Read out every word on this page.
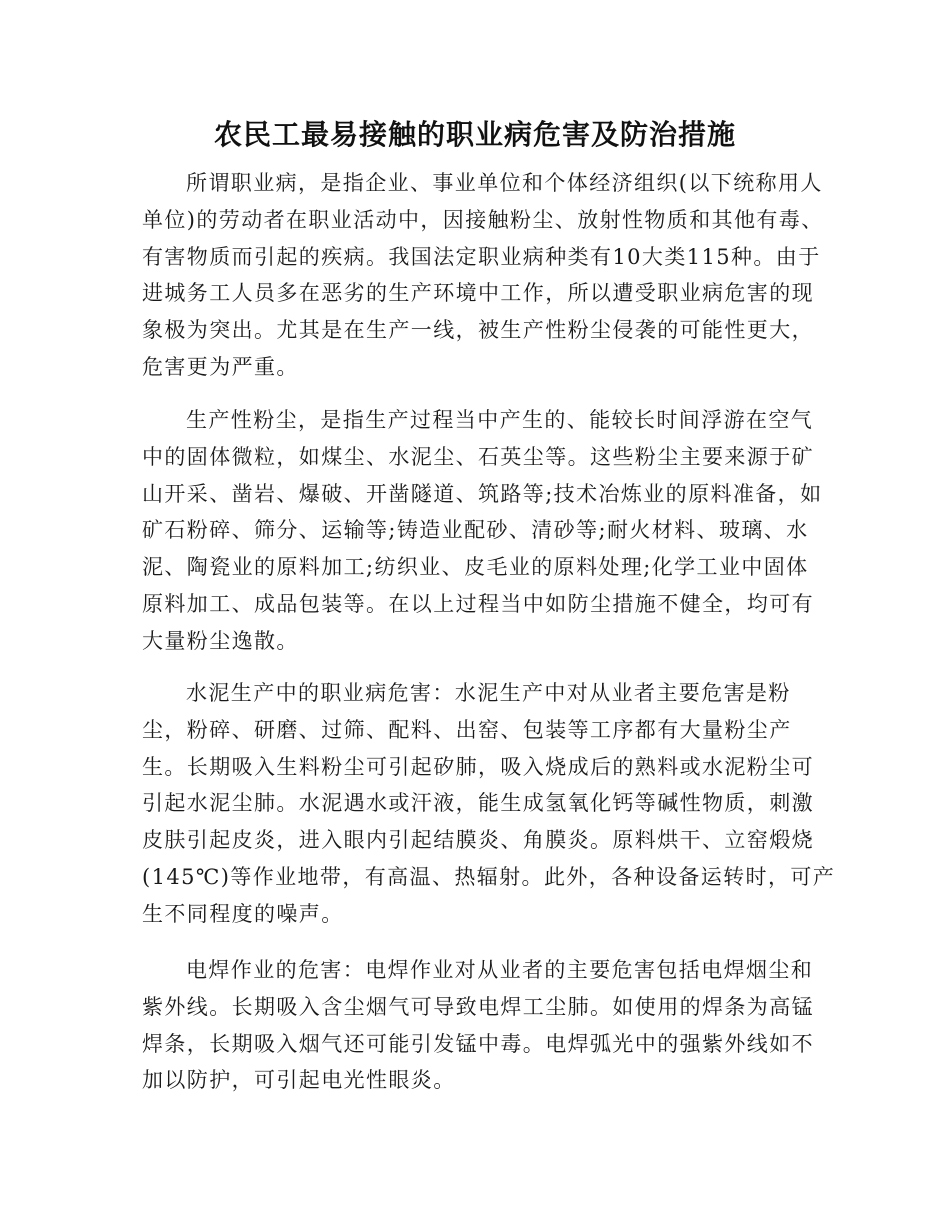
农民工最易接触的职业病危害及防治措施
所谓职业病，是指企业、事业单位和个体经济组织(以下统称用人
单位)的劳动者在职业活动中，因接触粉尘、放射性物质和其他有毒、
有害物质而引起的疾病。我国法定职业病种类有10大类115种。由于
进城务工人员多在恶劣的生产环境中工作，所以遭受职业病危害的现
象极为突出。尤其是在生产一线，被生产性粉尘侵袭的可能性更大，
危害更为严重。
生产性粉尘，是指生产过程当中产生的、能较长时间浮游在空气
中的固体微粒，如煤尘、水泥尘、石英尘等。这些粉尘主要来源于矿
山开采、凿岩、爆破、开凿隧道、筑路等;技术冶炼业的原料准备，如
矿石粉碎、筛分、运输等;铸造业配砂、清砂等;耐火材料、玻璃、水
泥、陶瓷业的原料加工;纺织业、皮毛业的原料处理;化学工业中固体
原料加工、成品包装等。在以上过程当中如防尘措施不健全，均可有
大量粉尘逸散。
水泥生产中的职业病危害：水泥生产中对从业者主要危害是粉
尘，粉碎、研磨、过筛、配料、出窑、包装等工序都有大量粉尘产
生。长期吸入生料粉尘可引起矽肺，吸入烧成后的熟料或水泥粉尘可
引起水泥尘肺。水泥遇水或汗液，能生成氢氧化钙等碱性物质，刺激
皮肤引起皮炎，进入眼内引起结膜炎、角膜炎。原料烘干、立窑煅烧
(145℃)等作业地带，有高温、热辐射。此外，各种设备运转时，可产
生不同程度的噪声。
电焊作业的危害：电焊作业对从业者的主要危害包括电焊烟尘和
紫外线。长期吸入含尘烟气可导致电焊工尘肺。如使用的焊条为高锰
焊条，长期吸入烟气还可能引发锰中毒。电焊弧光中的强紫外线如不
加以防护，可引起电光性眼炎。
